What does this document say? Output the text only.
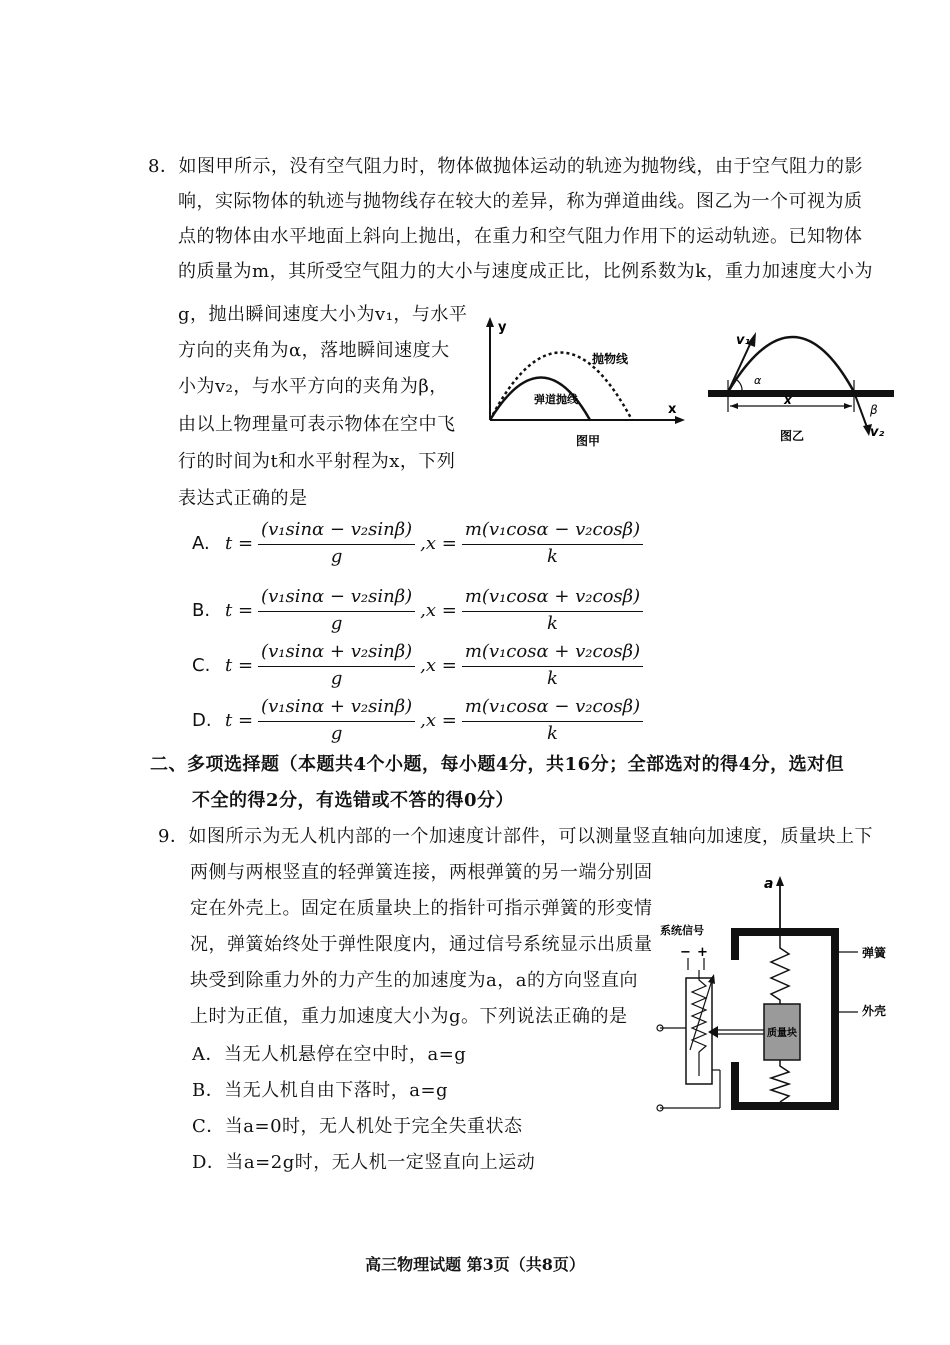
8．如图甲所示，没有空气阻力时，物体做抛体运动的轨迹为抛物线，由于空气阻力的影
响，实际物体的轨迹与抛物线存在较大的差异，称为弹道曲线。图乙为一个可视为质
点的物体由水平地面上斜向上抛出，在重力和空气阻力作用下的运动轨迹。已知物体
的质量为m，其所受空气阻力的大小与速度成正比，比例系数为k，重力加速度大小为
g，抛出瞬间速度大小为v₁，与水平
方向的夹角为α，落地瞬间速度大
小为v₂，与水平方向的夹角为β，
由以上物理量可表示物体在空中飞
行的时间为t和水平射程为x，下列
表达式正确的是
y
x
抛物线
弹道抛线
图甲
v₁
α
x
β
v₂
图乙
A. $t = \frac{\text{(v₁sinα − v₂sinβ)}}{g} ,x = \frac{\text{m(v₁cosα − v₂cosβ)}}{k}$
B. $t = \frac{\text{(v₁sinα − v₂sinβ)}}{g} ,x = \frac{\text{m(v₁cosα + v₂cosβ)}}{k}$
C. $t = \frac{\text{(v₁sinα + v₂sinβ)}}{g} ,x = \frac{\text{m(v₁cosα + v₂cosβ)}}{k}$
D. $t = \frac{\text{(v₁sinα + v₂sinβ)}}{g} ,x = \frac{\text{m(v₁cosα − v₂cosβ)}}{k}$
二、多项选择题（本题共4个小题，每小题4分，共16分；全部选对的得4分，选对但
不全的得2分，有选错或不答的得0分）
9．如图所示为无人机内部的一个加速度计部件，可以测量竖直轴向加速度，质量块上下
两侧与两根竖直的轻弹簧连接，两根弹簧的另一端分别固
定在外壳上。固定在质量块上的指针可指示弹簧的形变情
况，弹簧始终处于弹性限度内，通过信号系统显示出质量
块受到除重力外的力产生的加速度为a，a的方向竖直向
上时为正值，重力加速度大小为g。下列说法正确的是
A．当无人机悬停在空中时，a=g
B．当无人机自由下落时，a=g
C．当a=0时，无人机处于完全失重状态
D．当a=2g时，无人机一定竖直向上运动
a
质量块
系统信号
− +	弹簧
外壳
高三物理试题 第3页（共8页）
